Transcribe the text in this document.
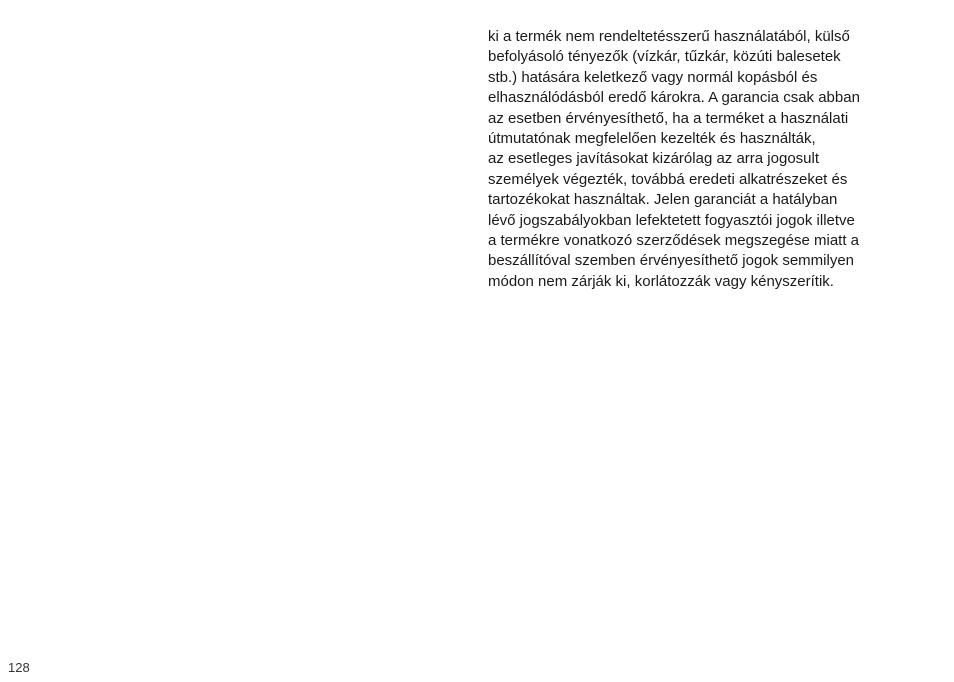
ki a termék nem rendeltetésszerű használatából, külső
befolyásoló tényezők (vízkár, tűzkár, közúti balesetek
stb.) hatására keletkező vagy normál kopásból és
elhasználódásból eredő károkra. A garancia csak abban
az esetben érvényesíthető, ha a terméket a használati
útmutatónak megfelelően kezelték és használták,
az esetleges javításokat kizárólag az arra jogosult
személyek végezték, továbbá eredeti alkatrészeket és
tartozékokat használtak. Jelen garanciát a hatályban
lévő jogszabályokban lefektetett fogyasztói jogok illetve
a termékre vonatkozó szerződések megszegése miatt a
beszállítóval szemben érvényesíthető jogok semmilyen
módon nem zárják ki, korlátozzák vagy kényszerítik.
128
